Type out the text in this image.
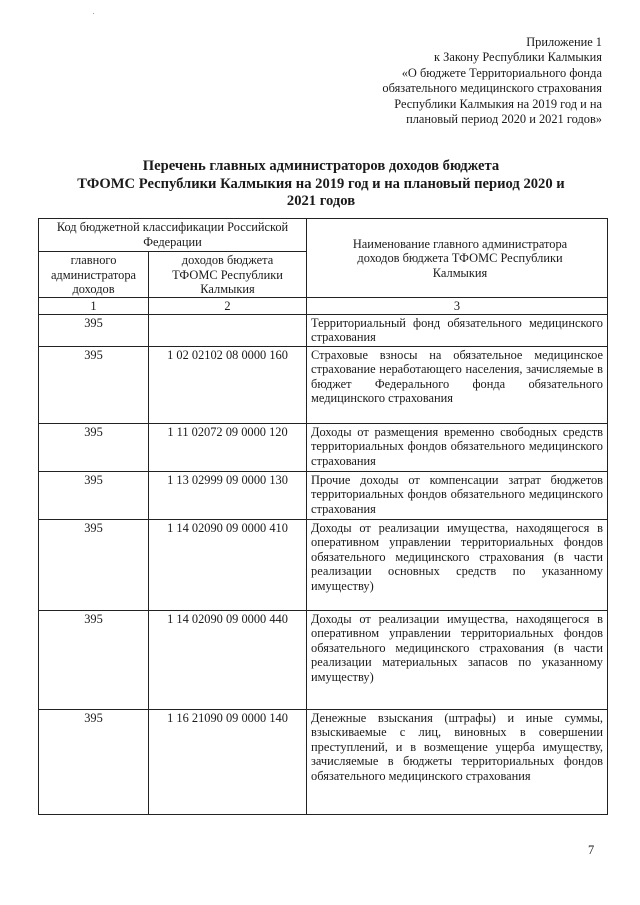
Приложение 1
к Закону Республики Калмыкия
«О бюджете Территориального фонда
обязательного медицинского страхования
Республики Калмыкия на 2019 год и на
плановый период 2020 и 2021 годов»
Перечень главных администраторов доходов бюджета
ТФОМС Республики Калмыкия на 2019 год и на плановый период 2020 и
2021 годов
Код бюджетной классификации Российской Федерации		Наименование главного администратора доходов бюджета ТФОМС Республики Калмыкия
главного администратора доходов	доходов бюджета ТФОМС Республики Калмыкия	
1	2	3
395		Территориальный фонд обязательного медицинского страхования
395	1 02 02102 08 0000 160	Страховые взносы на обязательное медицинское страхование неработающего населения, зачисляемые в бюджет Федерального фонда обязательного медицинского страхования
395	1 11 02072 09 0000 120	Доходы от размещения временно свободных средств территориальных фондов обязательного медицинского страхования
395	1 13 02999 09 0000 130	Прочие доходы от компенсации затрат бюджетов территориальных фондов обязательного медицинского страхования
395	1 14 02090 09 0000 410	Доходы от реализации имущества, находящегося в оперативном управлении территориальных фондов обязательного медицинского страхования (в части реализации основных средств по указанному имуществу)
395	1 14 02090 09 0000 440	Доходы от реализации имущества, находящегося в оперативном управлении территориальных фондов обязательного медицинского страхования (в части реализации материальных запасов по указанному имуществу)
395	1 16 21090 09 0000 140	Денежные взыскания (штрафы) и иные суммы, взыскиваемые с лиц, виновных в совершении преступлений, и в возмещение ущерба имуществу, зачисляемые в бюджеты территориальных фондов обязательного медицинского страхования
7
